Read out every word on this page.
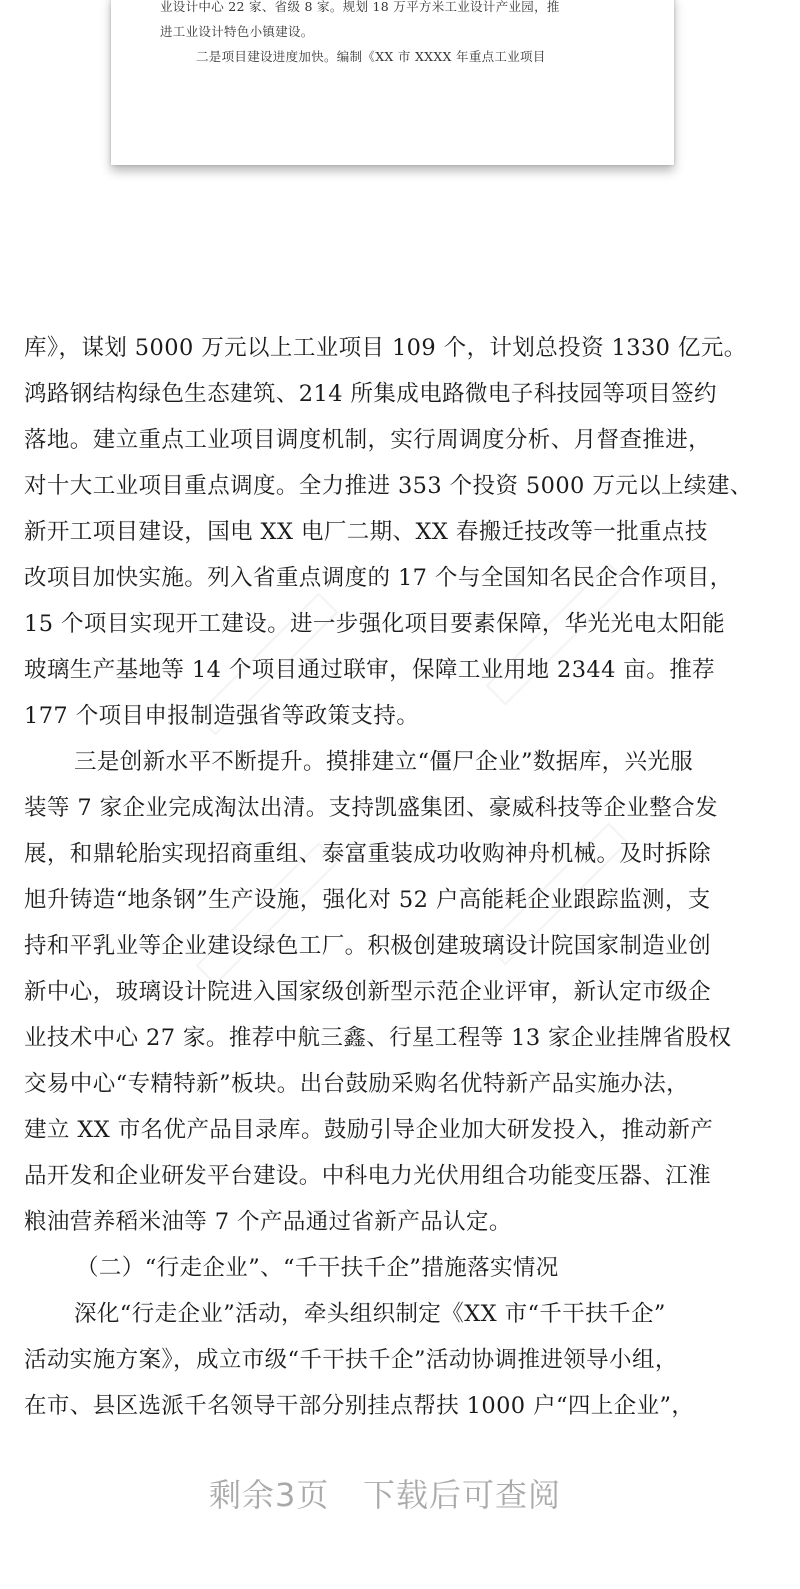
业设计中心 22 家、省级 8 家。规划 18 万平方米工业设计产业园，推
进工业设计特色小镇建设。
二是项目建设进度加快。编制《XX 市 XXXX 年重点工业项目
库》，谋划 5000 万元以上工业项目 109 个，计划总投资 1330 亿元。
鸿路钢结构绿色生态建筑、214 所集成电路微电子科技园等项目签约
落地。建立重点工业项目调度机制，实行周调度分析、月督查推进，
对十大工业项目重点调度。全力推进 353 个投资 5000 万元以上续建、
新开工项目建设，国电 XX 电厂二期、XX 春搬迁技改等一批重点技
改项目加快实施。列入省重点调度的 17 个与全国知名民企合作项目，
15 个项目实现开工建设。进一步强化项目要素保障，华光光电太阳能
玻璃生产基地等 14 个项目通过联审，保障工业用地 2344 亩。推荐
177 个项目申报制造强省等政策支持。
三是创新水平不断提升。摸排建立“僵尸企业”数据库，兴光服
装等 7 家企业完成淘汰出清。支持凯盛集团、豪威科技等企业整合发
展，和鼎轮胎实现招商重组、泰富重装成功收购神舟机械。及时拆除
旭升铸造“地条钢”生产设施，强化对 52 户高能耗企业跟踪监测，支
持和平乳业等企业建设绿色工厂。积极创建玻璃设计院国家制造业创
新中心，玻璃设计院进入国家级创新型示范企业评审，新认定市级企
业技术中心 27 家。推荐中航三鑫、行星工程等 13 家企业挂牌省股权
交易中心“专精特新”板块。出台鼓励采购名优特新产品实施办法，
建立 XX 市名优产品目录库。鼓励引导企业加大研发投入，推动新产
品开发和企业研发平台建设。中科电力光伏用组合功能变压器、江淮
粮油营养稻米油等 7 个产品通过省新产品认定。
（二）“行走企业”、“千干扶千企”措施落实情况
深化“行走企业”活动，牵头组织制定《XX 市“千干扶千企”
活动实施方案》，成立市级“千干扶千企”活动协调推进领导小组，
在市、县区选派千名领导干部分别挂点帮扶 1000 户“四上企业”，
剩余3页 下载后可查阅
